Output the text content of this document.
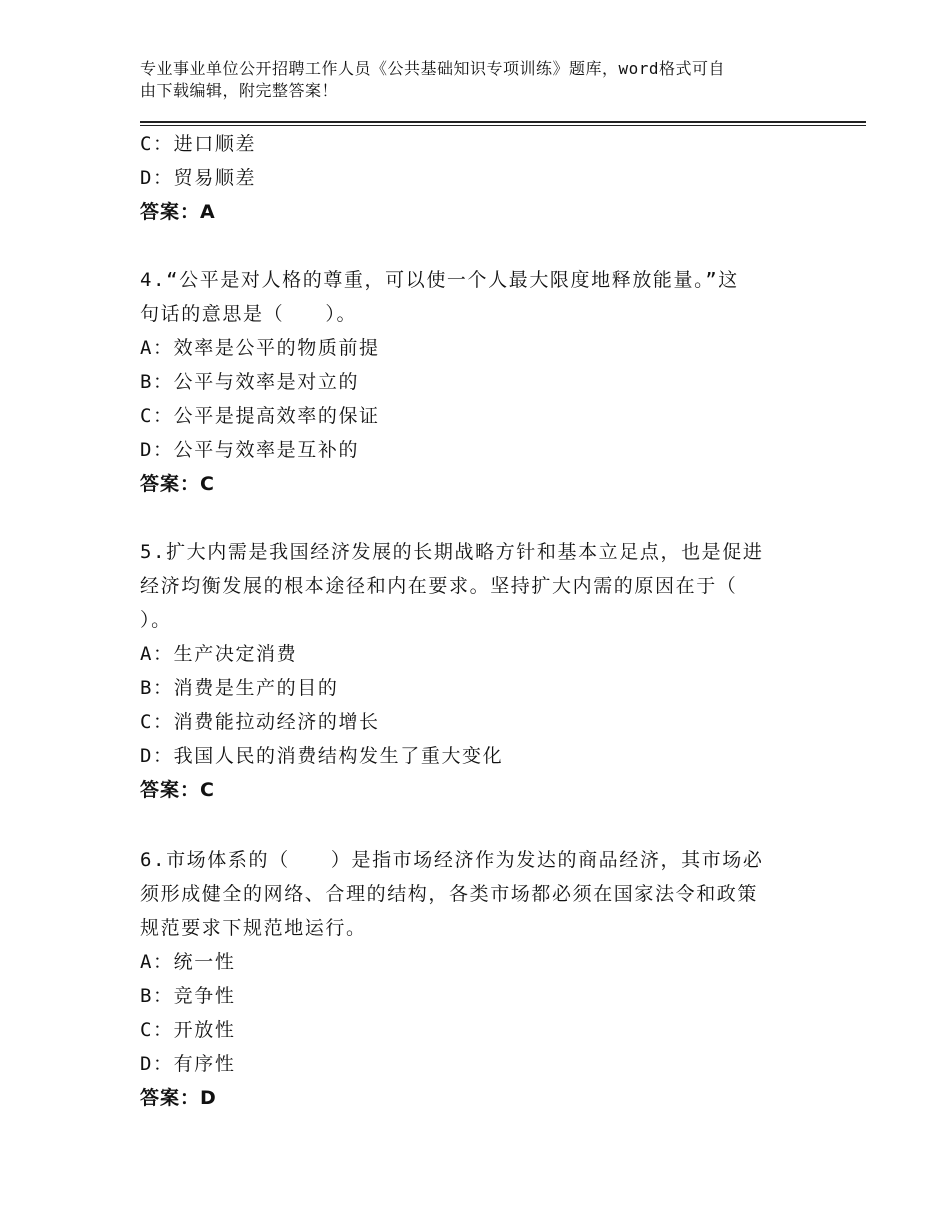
专业事业单位公开招聘工作人员《公共基础知识专项训练》题库，word格式可自
由下载编辑，附完整答案！
C：进口顺差
D：贸易顺差
答案：A
4.“公平是对人格的尊重，可以使一个人最大限度地释放能量。”这
句话的意思是（　　）。
A：效率是公平的物质前提
B：公平与效率是对立的
C：公平是提高效率的保证
D：公平与效率是互补的
答案：C
5.扩大内需是我国经济发展的长期战略方针和基本立足点，也是促进
经济均衡发展的根本途径和内在要求。坚持扩大内需的原因在于（
）。
A：生产决定消费
B：消费是生产的目的
C：消费能拉动经济的增长
D：我国人民的消费结构发生了重大变化
答案：C
6.市场体系的（　　）是指市场经济作为发达的商品经济，其市场必
须形成健全的网络、合理的结构，各类市场都必须在国家法令和政策
规范要求下规范地运行。
A：统一性
B：竞争性
C：开放性
D：有序性
答案：D
